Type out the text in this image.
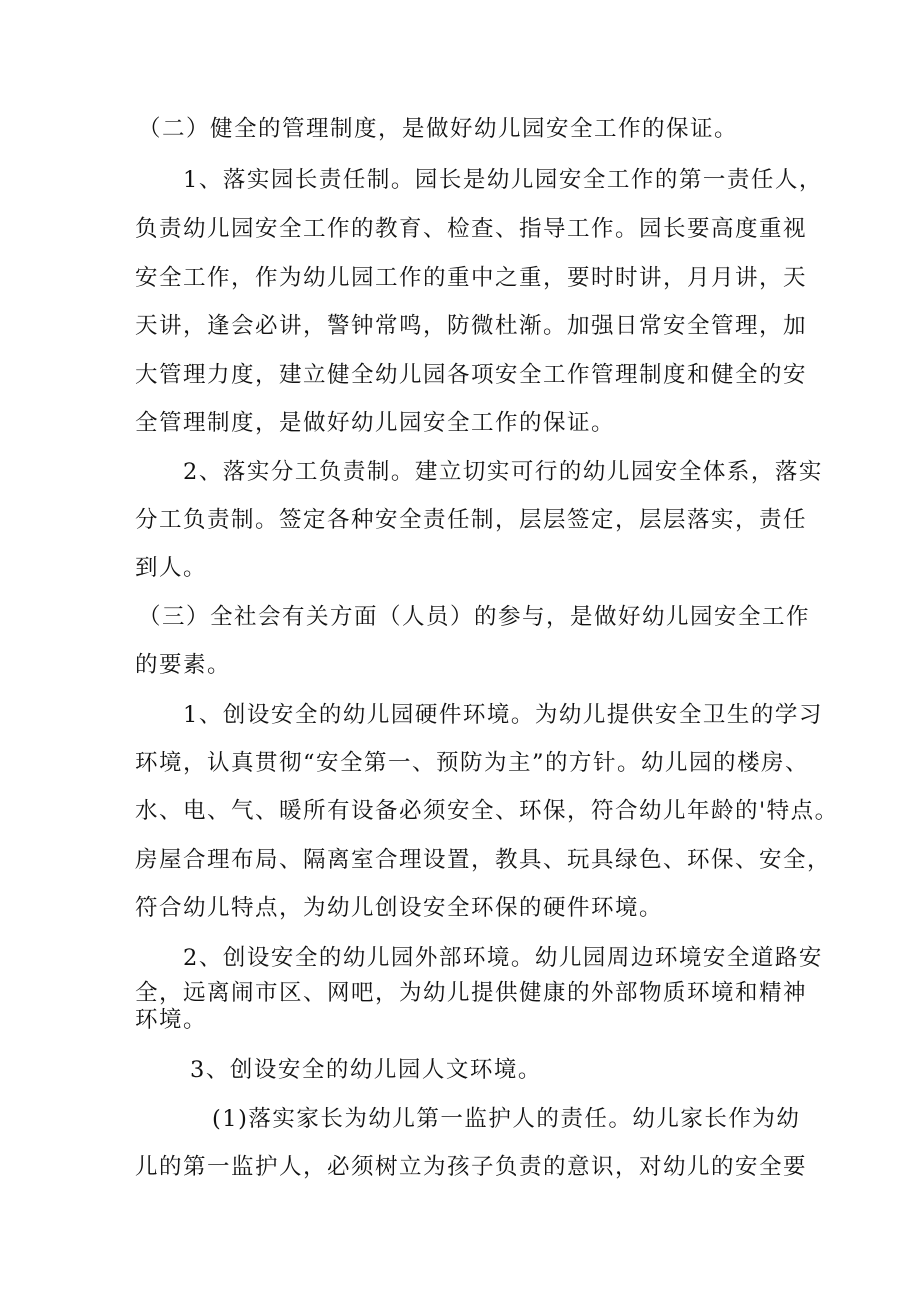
（二）健全的管理制度，是做好幼儿园安全工作的保证。
1、落实园长责任制。园长是幼儿园安全工作的第一责任人，
负责幼儿园安全工作的教育、检查、指导工作。园长要高度重视
安全工作，作为幼儿园工作的重中之重，要时时讲，月月讲，天
天讲，逢会必讲，警钟常鸣，防微杜渐。加强日常安全管理，加
大管理力度，建立健全幼儿园各项安全工作管理制度和健全的安
全管理制度，是做好幼儿园安全工作的保证。
2、落实分工负责制。建立切实可行的幼儿园安全体系，落实
分工负责制。签定各种安全责任制，层层签定，层层落实，责任
到人。
（三）全社会有关方面（人员）的参与，是做好幼儿园安全工作
的要素。
1、创设安全的幼儿园硬件环境。为幼儿提供安全卫生的学习
环境，认真贯彻“安全第一、预防为主”的方针。幼儿园的楼房、
水、电、气、暖所有设备必须安全、环保，符合幼儿年龄的'特点。
房屋合理布局、隔离室合理设置，教具、玩具绿色、环保、安全，
符合幼儿特点，为幼儿创设安全环保的硬件环境。
2、创设安全的幼儿园外部环境。幼儿园周边环境安全道路安
全，远离闹市区、网吧，为幼儿提供健康的外部物质环境和精神
环境。
3、创设安全的幼儿园人文环境。
(1)落实家长为幼儿第一监护人的责任。幼儿家长作为幼
儿的第一监护人，必须树立为孩子负责的意识，对幼儿的安全要
